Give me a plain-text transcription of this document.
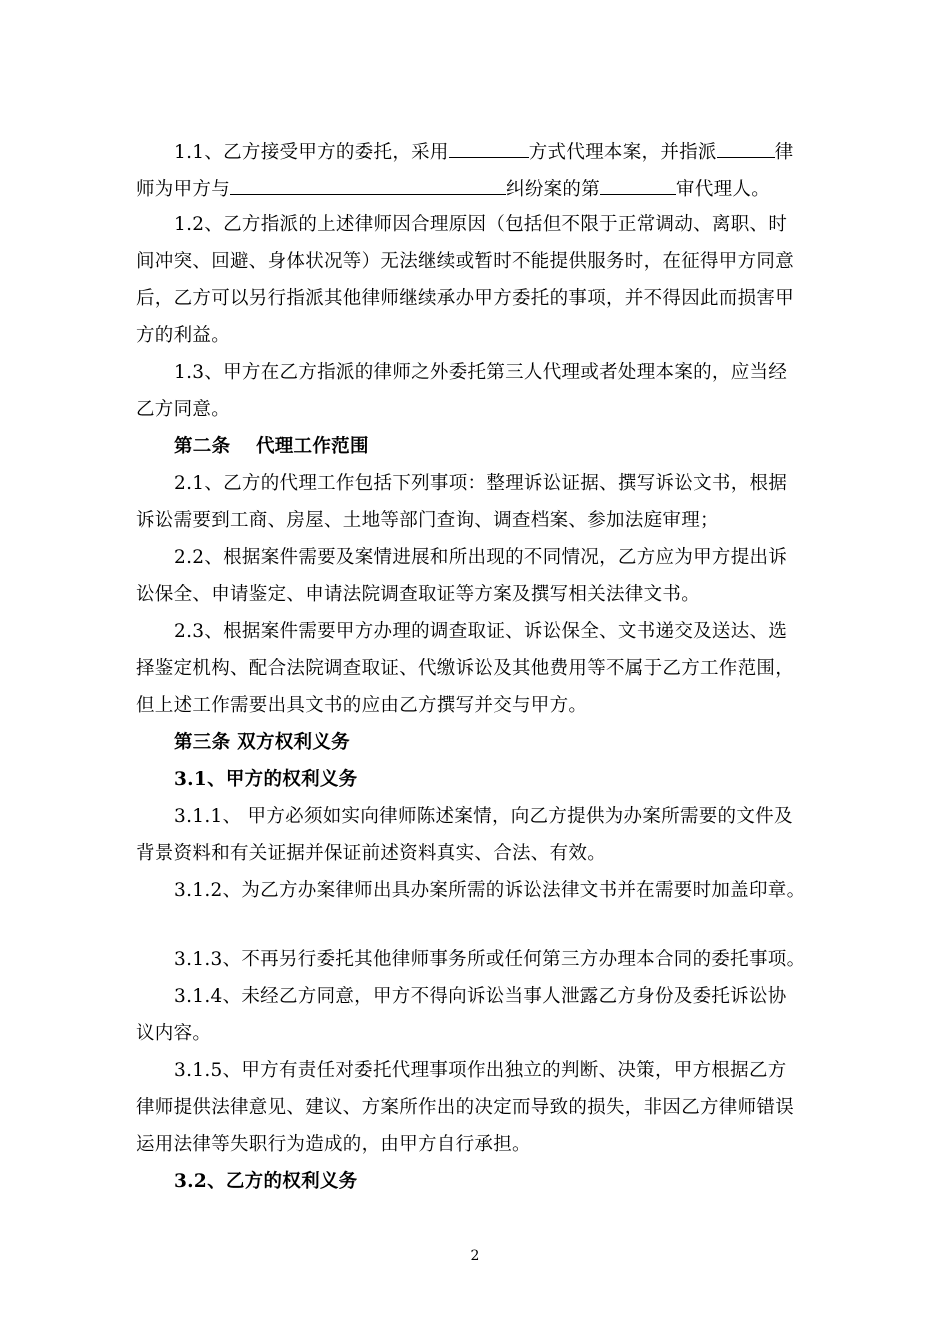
1.1、乙方接受甲方的委托，采用	方式代理本案，并指派	律
师为甲方与	纠纷案的第	审代理人。
1.2、乙方指派的上述律师因合理原因（包括但不限于正常调动、离职、时
间冲突、回避、身体状况等）无法继续或暂时不能提供服务时，在征得甲方同意
后，乙方可以另行指派其他律师继续承办甲方委托的事项，并不得因此而损害甲
方的利益。
1.3、甲方在乙方指派的律师之外委托第三人代理或者处理本案的，应当经
乙方同意。
第二条　 代理工作范围
2.1、乙方的代理工作包括下列事项：整理诉讼证据、撰写诉讼文书，根据
诉讼需要到工商、房屋、土地等部门查询、调查档案、参加法庭审理；
2.2、根据案件需要及案情进展和所出现的不同情况，乙方应为甲方提出诉
讼保全、申请鉴定、申请法院调查取证等方案及撰写相关法律文书。
2.3、根据案件需要甲方办理的调查取证、诉讼保全、文书递交及送达、选
择鉴定机构、配合法院调查取证、代缴诉讼及其他费用等不属于乙方工作范围，
但上述工作需要出具文书的应由乙方撰写并交与甲方。
第三条 双方权利义务
3.1、甲方的权利义务
3.1.1、 甲方必须如实向律师陈述案情，向乙方提供为办案所需要的文件及
背景资料和有关证据并保证前述资料真实、合法、有效。
3.1.2、为乙方办案律师出具办案所需的诉讼法律文书并在需要时加盖印章。
3.1.3、不再另行委托其他律师事务所或任何第三方办理本合同的委托事项。
3.1.4、未经乙方同意，甲方不得向诉讼当事人泄露乙方身份及委托诉讼协
议内容。
3.1.5、甲方有责任对委托代理事项作出独立的判断、决策，甲方根据乙方
律师提供法律意见、建议、方案所作出的决定而导致的损失，非因乙方律师错误
运用法律等失职行为造成的，由甲方自行承担。
3.2、乙方的权利义务
2
